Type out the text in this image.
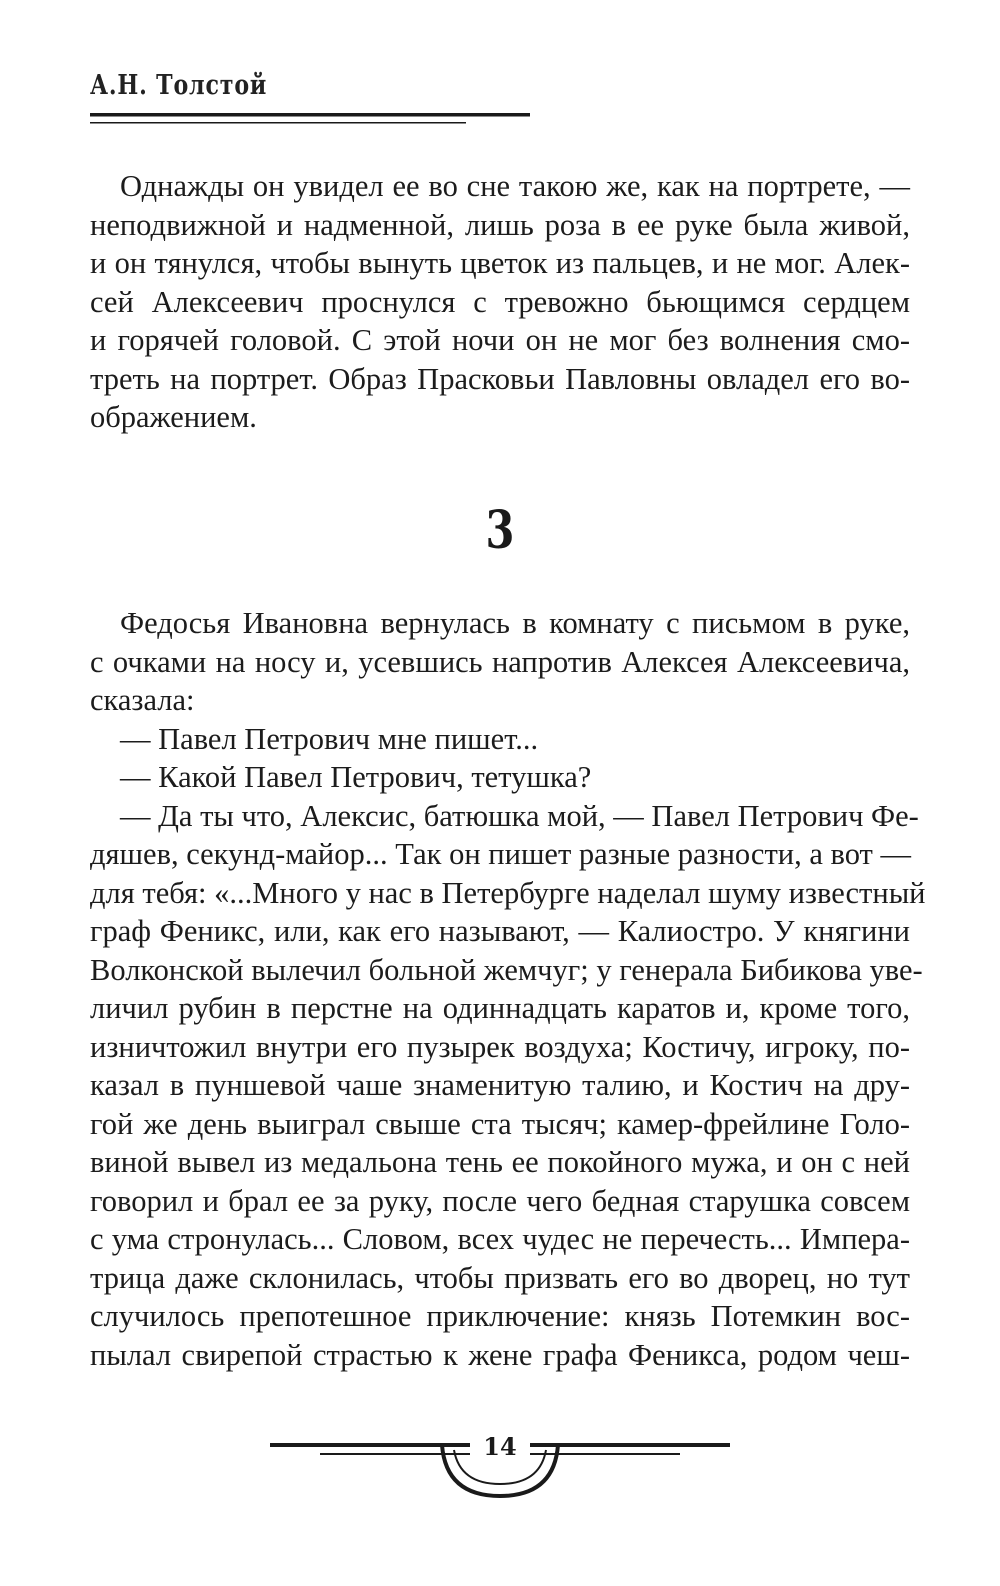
А.Н. Толстой
Однажды он увидел ее во сне такою же, как на портрете, —
неподвижной и надменной, лишь роза в ее руке была живой,
и он тянулся, чтобы вынуть цветок из пальцев, и не мог. Алек-
сей Алексеевич проснулся с тревожно бьющимся сердцем
и горячей головой. С этой ночи он не мог без волнения смо-
треть на портрет. Образ Прасковьи Павловны овладел его во-
ображением.
3
Федосья Ивановна вернулась в комнату с письмом в руке,
с очками на носу и, усевшись напротив Алексея Алексеевича,
сказала:
— Павел Петрович мне пишет...
— Какой Павел Петрович, тетушка?
— Да ты что, Алексис, батюшка мой, — Павел Петрович Фе-
дяшев, секунд-майор... Так он пишет разные разности, а вот —
для тебя: «...Много у нас в Петербурге наделал шуму известный
граф Феникс, или, как его называют, — Калиостро. У княгини
Волконской вылечил больной жемчуг; у генерала Бибикова уве-
личил рубин в перстне на одиннадцать каратов и, кроме того,
изничтожил внутри его пузырек воздуха; Костичу, игроку, по-
казал в пуншевой чаше знаменитую талию, и Костич на дру-
гой же день выиграл свыше ста тысяч; камер-фрейлине Голо-
виной вывел из медальона тень ее покойного мужа, и он с ней
говорил и брал ее за руку, после чего бедная старушка совсем
с ума стронулась... Словом, всех чудес не перечесть... Импера-
трица даже склонилась, чтобы призвать его во дворец, но тут
случилось препотешное приключение: князь Потемкин вос-
пылал свирепой страстью к жене графа Феникса, родом чеш-
14
